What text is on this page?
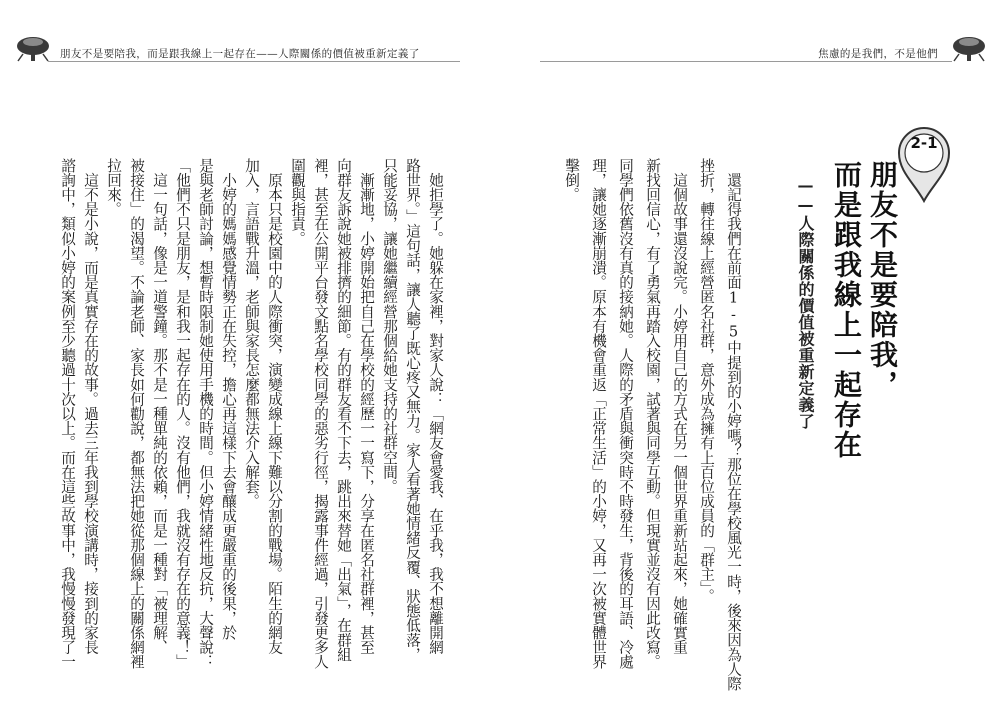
朋友不是要陪我，而是跟我線上一起存在——人際關係的價值被重新定義了	焦慮的是我們，不是他們
2-1
朋友不是要陪我，
而是跟我線上一起存在
——人際關係的價值被重新定義了
　還記得我們在前面1-5中提到的小婷嗎？那位在學校風光一時，後來因為人際
挫折，轉往線上經營匿名社群，意外成為擁有上百位成員的「群主」。
　這個故事還沒說完。小婷用自己的方式在另一個世界重新站起來，她確實重
新找回信心，有了勇氣再踏入校園，試著與同學互動。但現實並沒有因此改寫。
同學們依舊沒有真的接納她。人際的矛盾與衝突時不時發生，背後的耳語、冷處
理，讓她逐漸崩潰。原本有機會重返「正常生活」的小婷，又再一次被實體世界
擊倒。
　她拒學了。她躲在家裡，對家人說：「網友會愛我、在乎我，我不想離開網
路世界。」這句話，讓人聽了既心疼又無力。家人看著她情緒反覆、狀態低落，
只能妥協，讓她繼續經營那個給她支持的社群空間。
　漸漸地，小婷開始把自己在學校的經歷一一寫下，分享在匿名社群裡，甚至
向群友訴說她被排擠的細節。有的群友看不下去，跳出來替她「出氣」，在群組
裡，甚至在公開平台發文點名學校同學的惡劣行徑，揭露事件經過，引發更多人
圍觀與指責。
　原本只是校園中的人際衝突，演變成線上線下難以分割的戰場。陌生的網友
加入，言語戰升溫，老師與家長怎麼都無法介入解套。
　小婷的媽媽感覺情勢正在失控，擔心再這樣下去會釀成更嚴重的後果，於
是與老師討論，想暫時限制她使用手機的時間。但小婷情緒性地反抗，大聲說：
「他們不只是朋友，是和我一起存在的人。沒有他們，我就沒有存在的意義！」
　這一句話，像是一道警鐘。那不是一種單純的依賴，而是一種對「被理解、
被接住」的渴望。不論老師、家長如何勸說，都無法把她從那個線上的關係網裡
拉回來。
　這不是小說，而是真實存在的故事。過去三年我到學校演講時，接到的家長
諮詢中，類似小婷的案例至少聽過十次以上。而在這些故事中，我慢慢發現了一
